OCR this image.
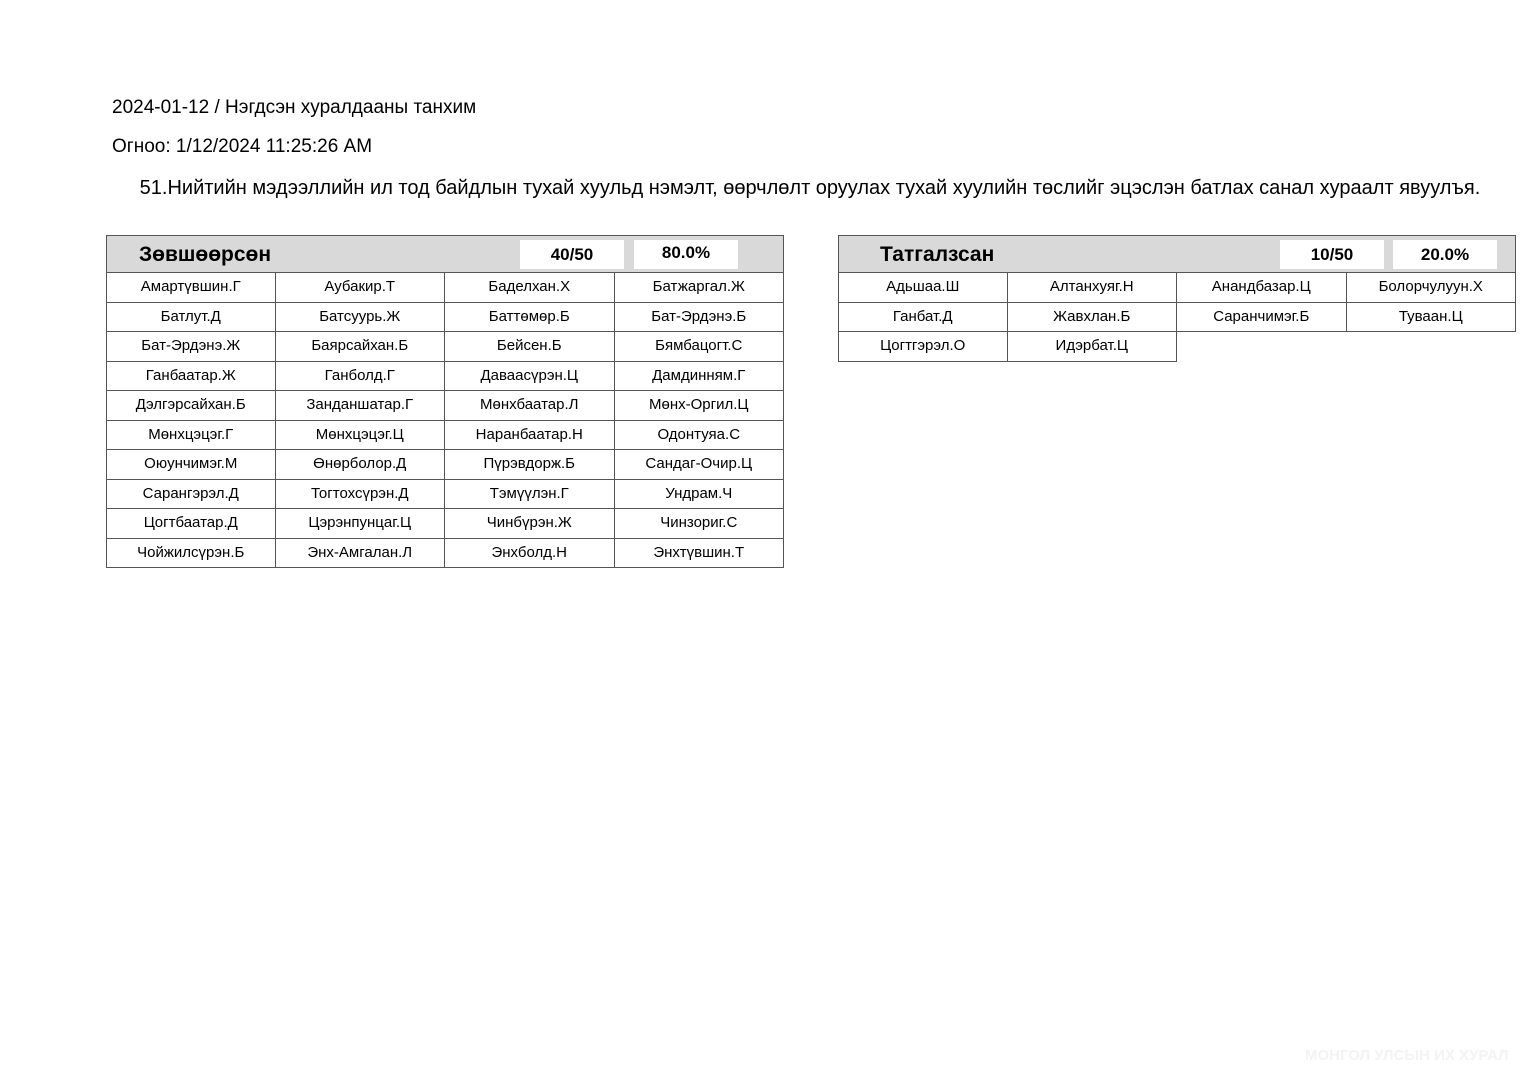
2024-01-12 / Нэгдсэн хуралдааны танхим
Огноо: 1/12/2024 11:25:26 AM
51.Нийтийн мэдээллийн ил тод байдлын тухай хуульд нэмэлт, өөрчлөлт оруулах тухай хуулийн төслийг эцэслэн батлах санал хураалт явуулъя.
Зөвшөөрсөн	40/50	80.0%
Амартүвшин.Г	Аубакир.Т	Баделхан.Х	Батжаргал.Ж
Батлут.Д	Батсуурь.Ж	Баттөмөр.Б	Бат-Эрдэнэ.Б
Бат-Эрдэнэ.Ж	Баярсайхан.Б	Бейсен.Б	Бямбацогт.С
Ганбаатар.Ж	Ганболд.Г	Даваасүрэн.Ц	Дамдинням.Г
Дэлгэрсайхан.Б	Занданшатар.Г	Мөнхбаатар.Л	Мөнх-Оргил.Ц
Мөнхцэцэг.Г	Мөнхцэцэг.Ц	Наранбаатар.Н	Одонтуяа.С
Оюунчимэг.М	Өнөрболор.Д	Пүрэвдорж.Б	Сандаг-Очир.Ц
Сарангэрэл.Д	Тогтохсүрэн.Д	Тэмүүлэн.Г	Ундрам.Ч
Цогтбаатар.Д	Цэрэнпунцаг.Ц	Чинбүрэн.Ж	Чинзориг.С
Чойжилсүрэн.Б	Энх-Амгалан.Л	Энхболд.Н	Энхтүвшин.Т
Татгалзсан	10/50	20.0%
Адьшаа.Ш	Алтанхуяг.Н	Анандбазар.Ц	Болорчулуун.Х
Ганбат.Д	Жавхлан.Б	Саранчимэг.Б	Туваан.Ц
Цогтгэрэл.О	Идэрбат.Ц
МОНГОЛ УЛСЫН ИХ ХУРАЛ
